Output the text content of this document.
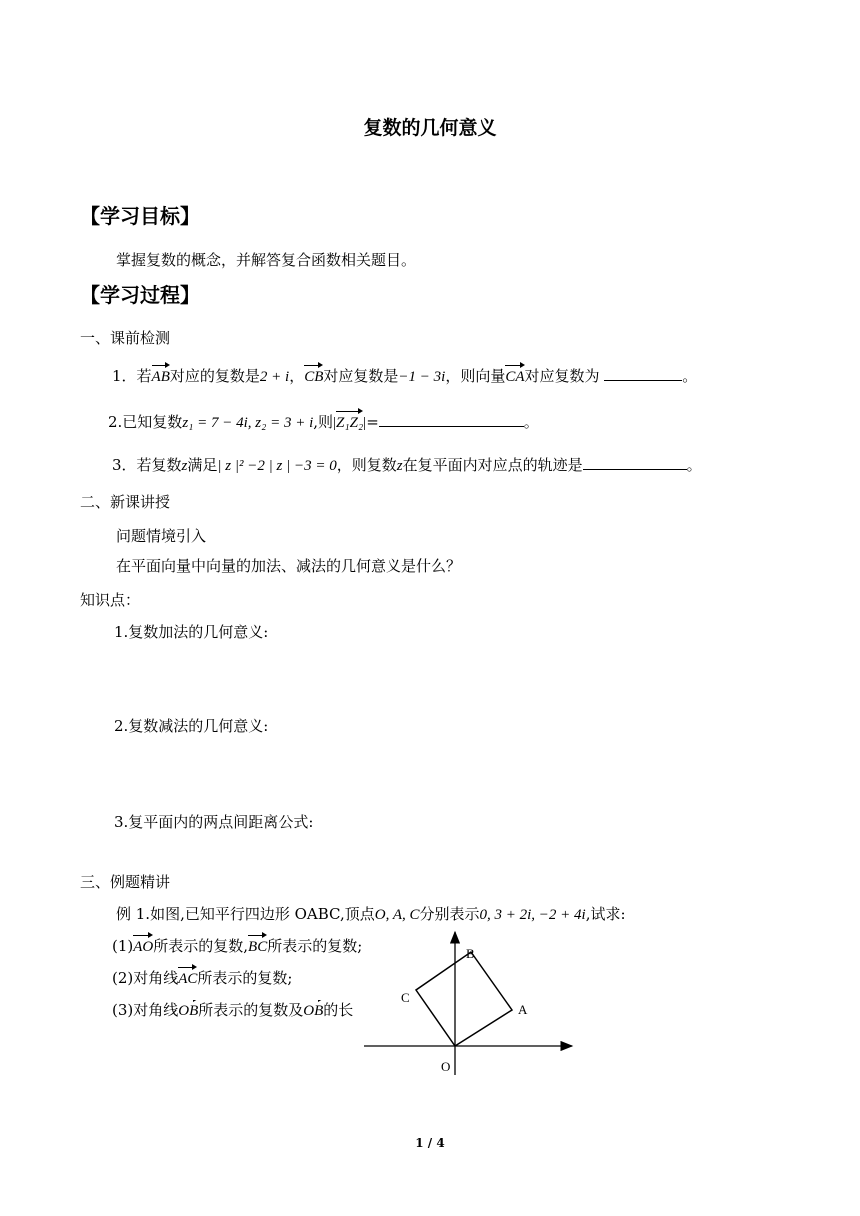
复数的几何意义
【学习目标】
掌握复数的概念，并解答复合函数相关题目。
【学习过程】
一、课前检测
1．若AB对应的复数是2 + i，CB对应复数是−1 − 3i，则向量CA对应复数为	。
2.已知复数z₁ = 7 − 4i, z₂ = 3 + i,则|Z₁Z₂|=	。
3．若复数z满足| z |² −2 | z | −3 = 0，则复数z在复平面内对应点的轨迹是	。
二、新课讲授
问题情境引入
在平面向量中向量的加法、减法的几何意义是什么？
知识点：
1.复数加法的几何意义:
2.复数减法的几何意义:
3.复平面内的两点间距离公式:
三、例题精讲
例 1.如图,已知平行四边形 OABC,顶点O, A, C分别表示0, 3 + 2i, −2 + 4i,试求:
(1)AO所表示的复数,BC所表示的复数;
(2)对角线AC所表示的复数;
(3)对角线OB所表示的复数及OB的长
O
A
B
C
1 / 4
